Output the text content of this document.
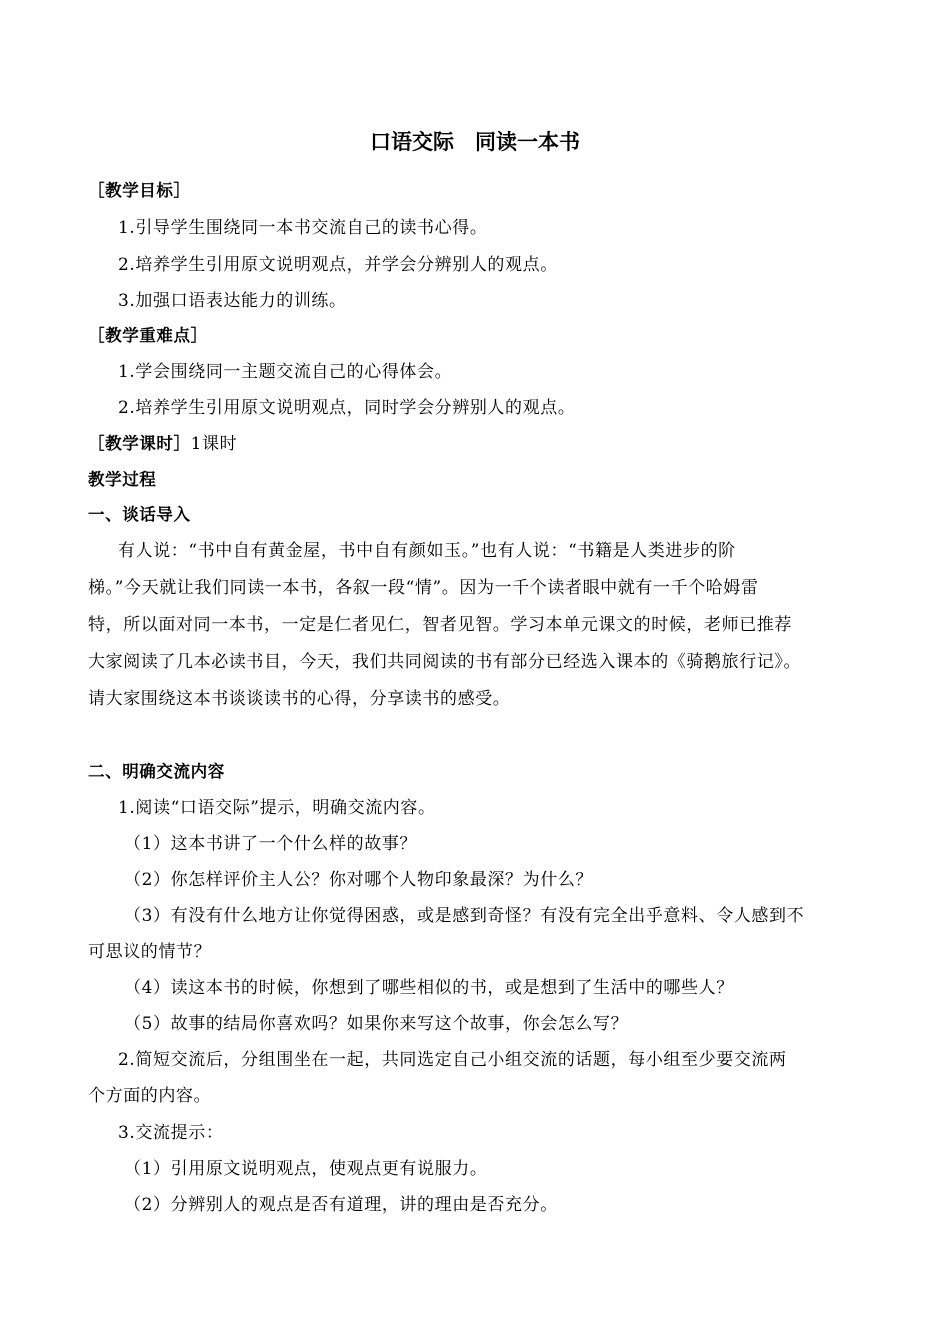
口语交际　同读一本书
［教学目标］
1.引导学生围绕同一本书交流自己的读书心得。
2.培养学生引用原文说明观点，并学会分辨别人的观点。
3.加强口语表达能力的训练。
［教学重难点］
1.学会围绕同一主题交流自己的心得体会。
2.培养学生引用原文说明观点，同时学会分辨别人的观点。
［教学课时］1课时
教学过程
一、谈话导入
有人说：“书中自有黄金屋，书中自有颜如玉。”也有人说：“书籍是人类进步的阶
梯。”今天就让我们同读一本书，各叙一段“情”。因为一千个读者眼中就有一千个哈姆雷
特，所以面对同一本书，一定是仁者见仁，智者见智。学习本单元课文的时候，老师已推荐
大家阅读了几本必读书目，今天，我们共同阅读的书有部分已经选入课本的《骑鹅旅行记》。
请大家围绕这本书谈谈读书的心得，分享读书的感受。
二、明确交流内容
1.阅读“口语交际”提示，明确交流内容。
（1）这本书讲了一个什么样的故事？
（2）你怎样评价主人公？你对哪个人物印象最深？为什么？
（3）有没有什么地方让你觉得困惑，或是感到奇怪？有没有完全出乎意料、令人感到不
可思议的情节？
（4）读这本书的时候，你想到了哪些相似的书，或是想到了生活中的哪些人？
（5）故事的结局你喜欢吗？如果你来写这个故事，你会怎么写？
2.简短交流后，分组围坐在一起，共同选定自己小组交流的话题，每小组至少要交流两
个方面的内容。
3.交流提示：
（1）引用原文说明观点，使观点更有说服力。
（2）分辨别人的观点是否有道理，讲的理由是否充分。
